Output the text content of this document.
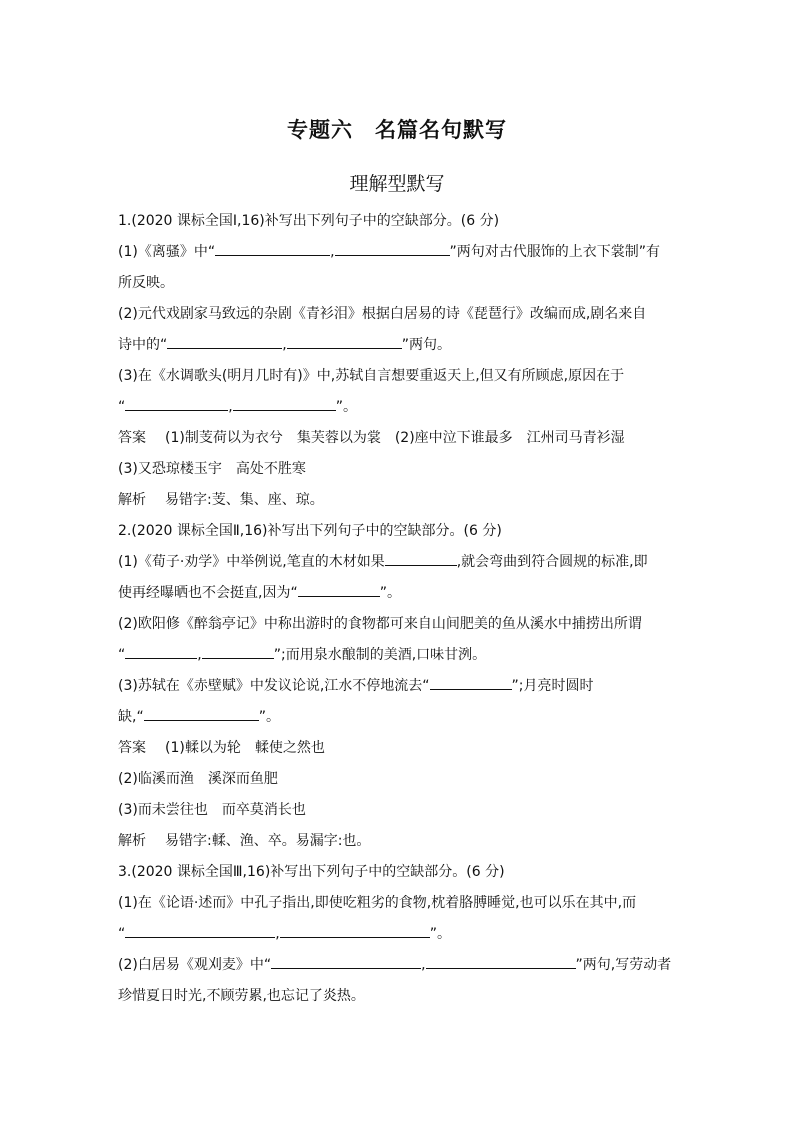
专题六　名篇名句默写
理解型默写
1.(2020 课标全国Ⅰ,16)补写出下列句子中的空缺部分。(6 分)
(1)《离骚》中“	,	”两句对古代服饰的上衣下裳制”有
所反映。
(2)元代戏剧家马致远的杂剧《青衫泪》根据白居易的诗《琵琶行》改编而成,剧名来自
诗中的“	,	”两句。
(3)在《水调歌头(明月几时有)》中,苏轼自言想要重返天上,但又有所顾虑,原因在于
“	,	”。
答案 (1)制芰荷以为衣兮　集芙蓉以为裳　(2)座中泣下谁最多　江州司马青衫湿
(3)又恐琼楼玉宇　高处不胜寒
解析 易错字:芰、集、座、琼。
2.(2020 课标全国Ⅱ,16)补写出下列句子中的空缺部分。(6 分)
(1)《荀子·劝学》中举例说,笔直的木材如果	,就会弯曲到符合圆规的标准,即
使再经曝晒也不会挺直,因为“	”。
(2)欧阳修《醉翁亭记》中称出游时的食物都可来自山间肥美的鱼从溪水中捕捞出所谓
“	,	”;而用泉水酿制的美酒,口味甘洌。
(3)苏轼在《赤壁赋》中发议论说,江水不停地流去“	”;月亮时圆时
缺,“	”。
答案 (1)輮以为轮　輮使之然也
(2)临溪而渔　溪深而鱼肥
(3)而未尝往也　而卒莫消长也
解析 易错字:輮、渔、卒。易漏字:也。
3.(2020 课标全国Ⅲ,16)补写出下列句子中的空缺部分。(6 分)
(1)在《论语·述而》中孔子指出,即使吃粗劣的食物,枕着胳膊睡觉,也可以乐在其中,而
“	,	”。
(2)白居易《观刈麦》中“	,	”两句,写劳动者
珍惜夏日时光,不顾劳累,也忘记了炎热。
